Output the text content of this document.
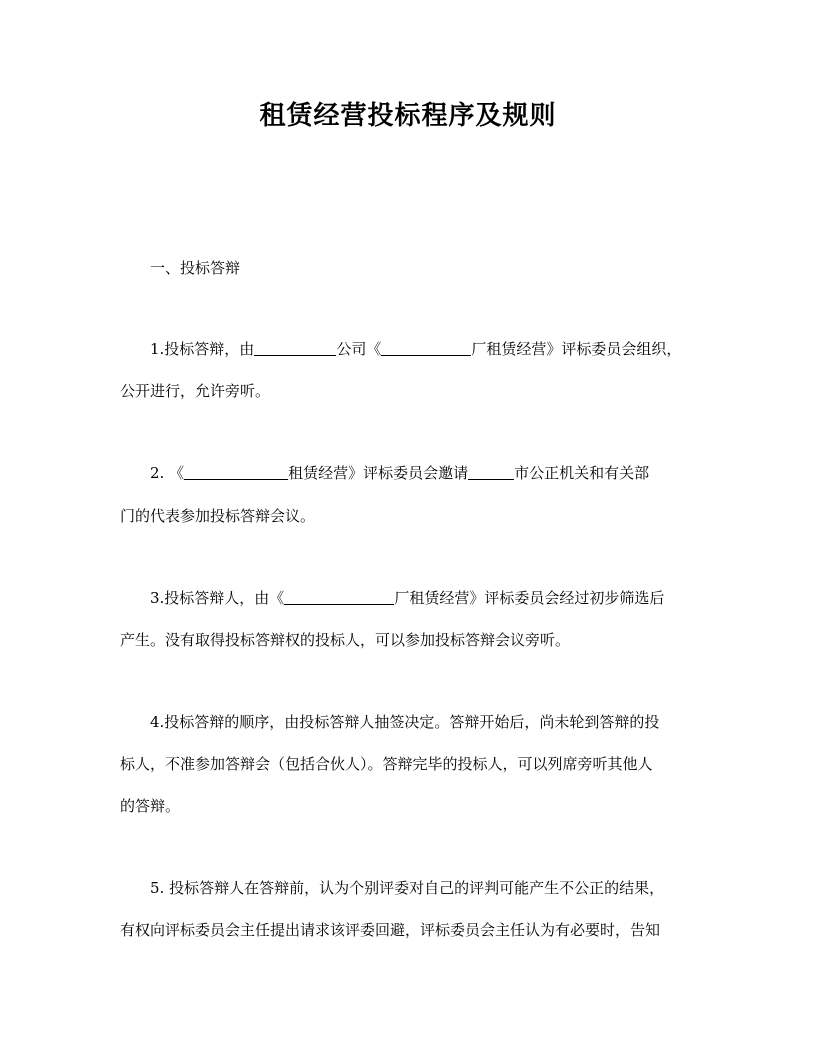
租赁经营投标程序及规则
一、投标答辩
1.投标答辩，由	公司《	厂租赁经营》评标委员会组织，
公开进行，允许旁听。
2. 《	租赁经营》评标委员会邀请	市公正机关和有关部
门的代表参加投标答辩会议。
3.投标答辩人，由《	厂租赁经营》评标委员会经过初步筛选后
产生。没有取得投标答辩权的投标人，可以参加投标答辩会议旁听。
4.投标答辩的顺序，由投标答辩人抽签决定。答辩开始后，尚未轮到答辩的投
标人，不准参加答辩会（包括合伙人）。答辩完毕的投标人，可以列席旁听其他人
的答辩。
5. 投标答辩人在答辩前，认为个别评委对自己的评判可能产生不公正的结果，
有权向评标委员会主任提出请求该评委回避，评标委员会主任认为有必要时，告知
